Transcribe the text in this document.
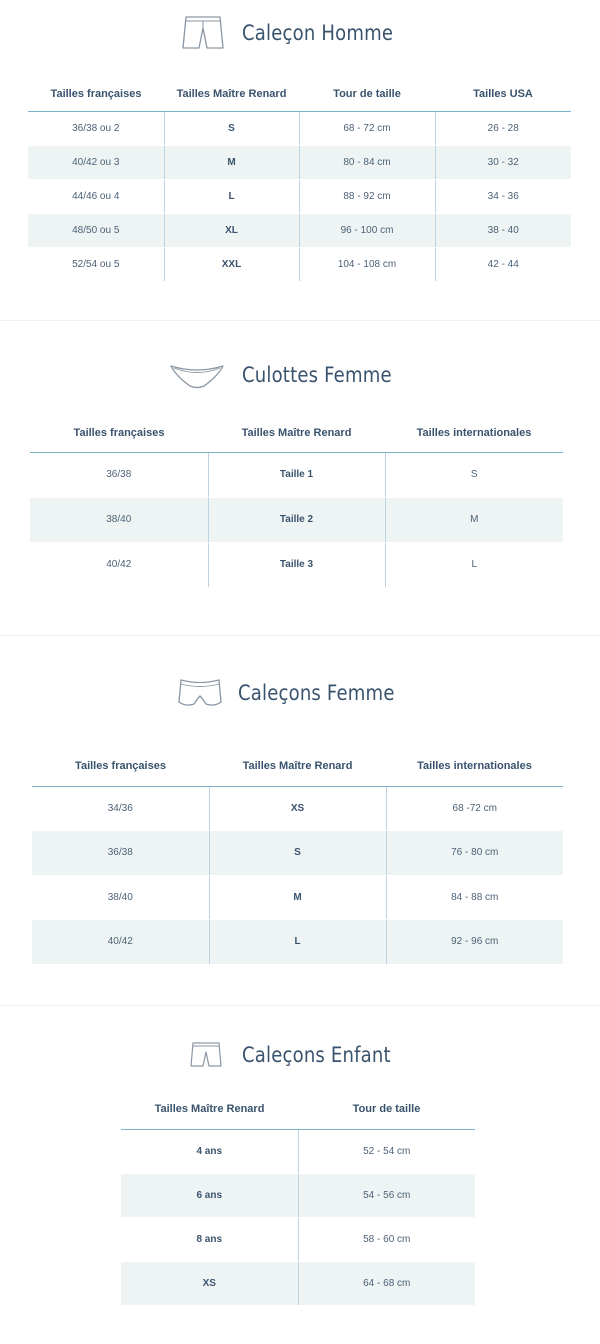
Caleçon Homme
Tailles françaises	Tailles Maître Renard	Tour de taille	Tailles USA
36/38 ou 2	S	68 - 72 cm	26 - 28
40/42 ou 3	M	80 - 84 cm	30 - 32
44/46 ou 4	L	88 - 92 cm	34 - 36
48/50 ou 5	XL	96 - 100 cm	38 - 40
52/54 ou 5	XXL	104 - 108 cm	42 - 44
Culottes Femme
Tailles françaises	Tailles Maître Renard	Tailles internationales
36/38	Taille 1	S
38/40	Taille 2	M
40/42	Taille 3	L
Caleçons Femme
Tailles françaises	Tailles Maître Renard	Tailles internationales
34/36	XS	68 -72 cm
36/38	S	76 - 80 cm
38/40	M	84 - 88 cm
40/42	L	92 - 96 cm
Caleçons Enfant
Tailles Maître Renard	Tour de taille
4 ans	52 - 54 cm
6 ans	54 - 56 cm
8 ans	58 - 60 cm
XS	64 - 68 cm
